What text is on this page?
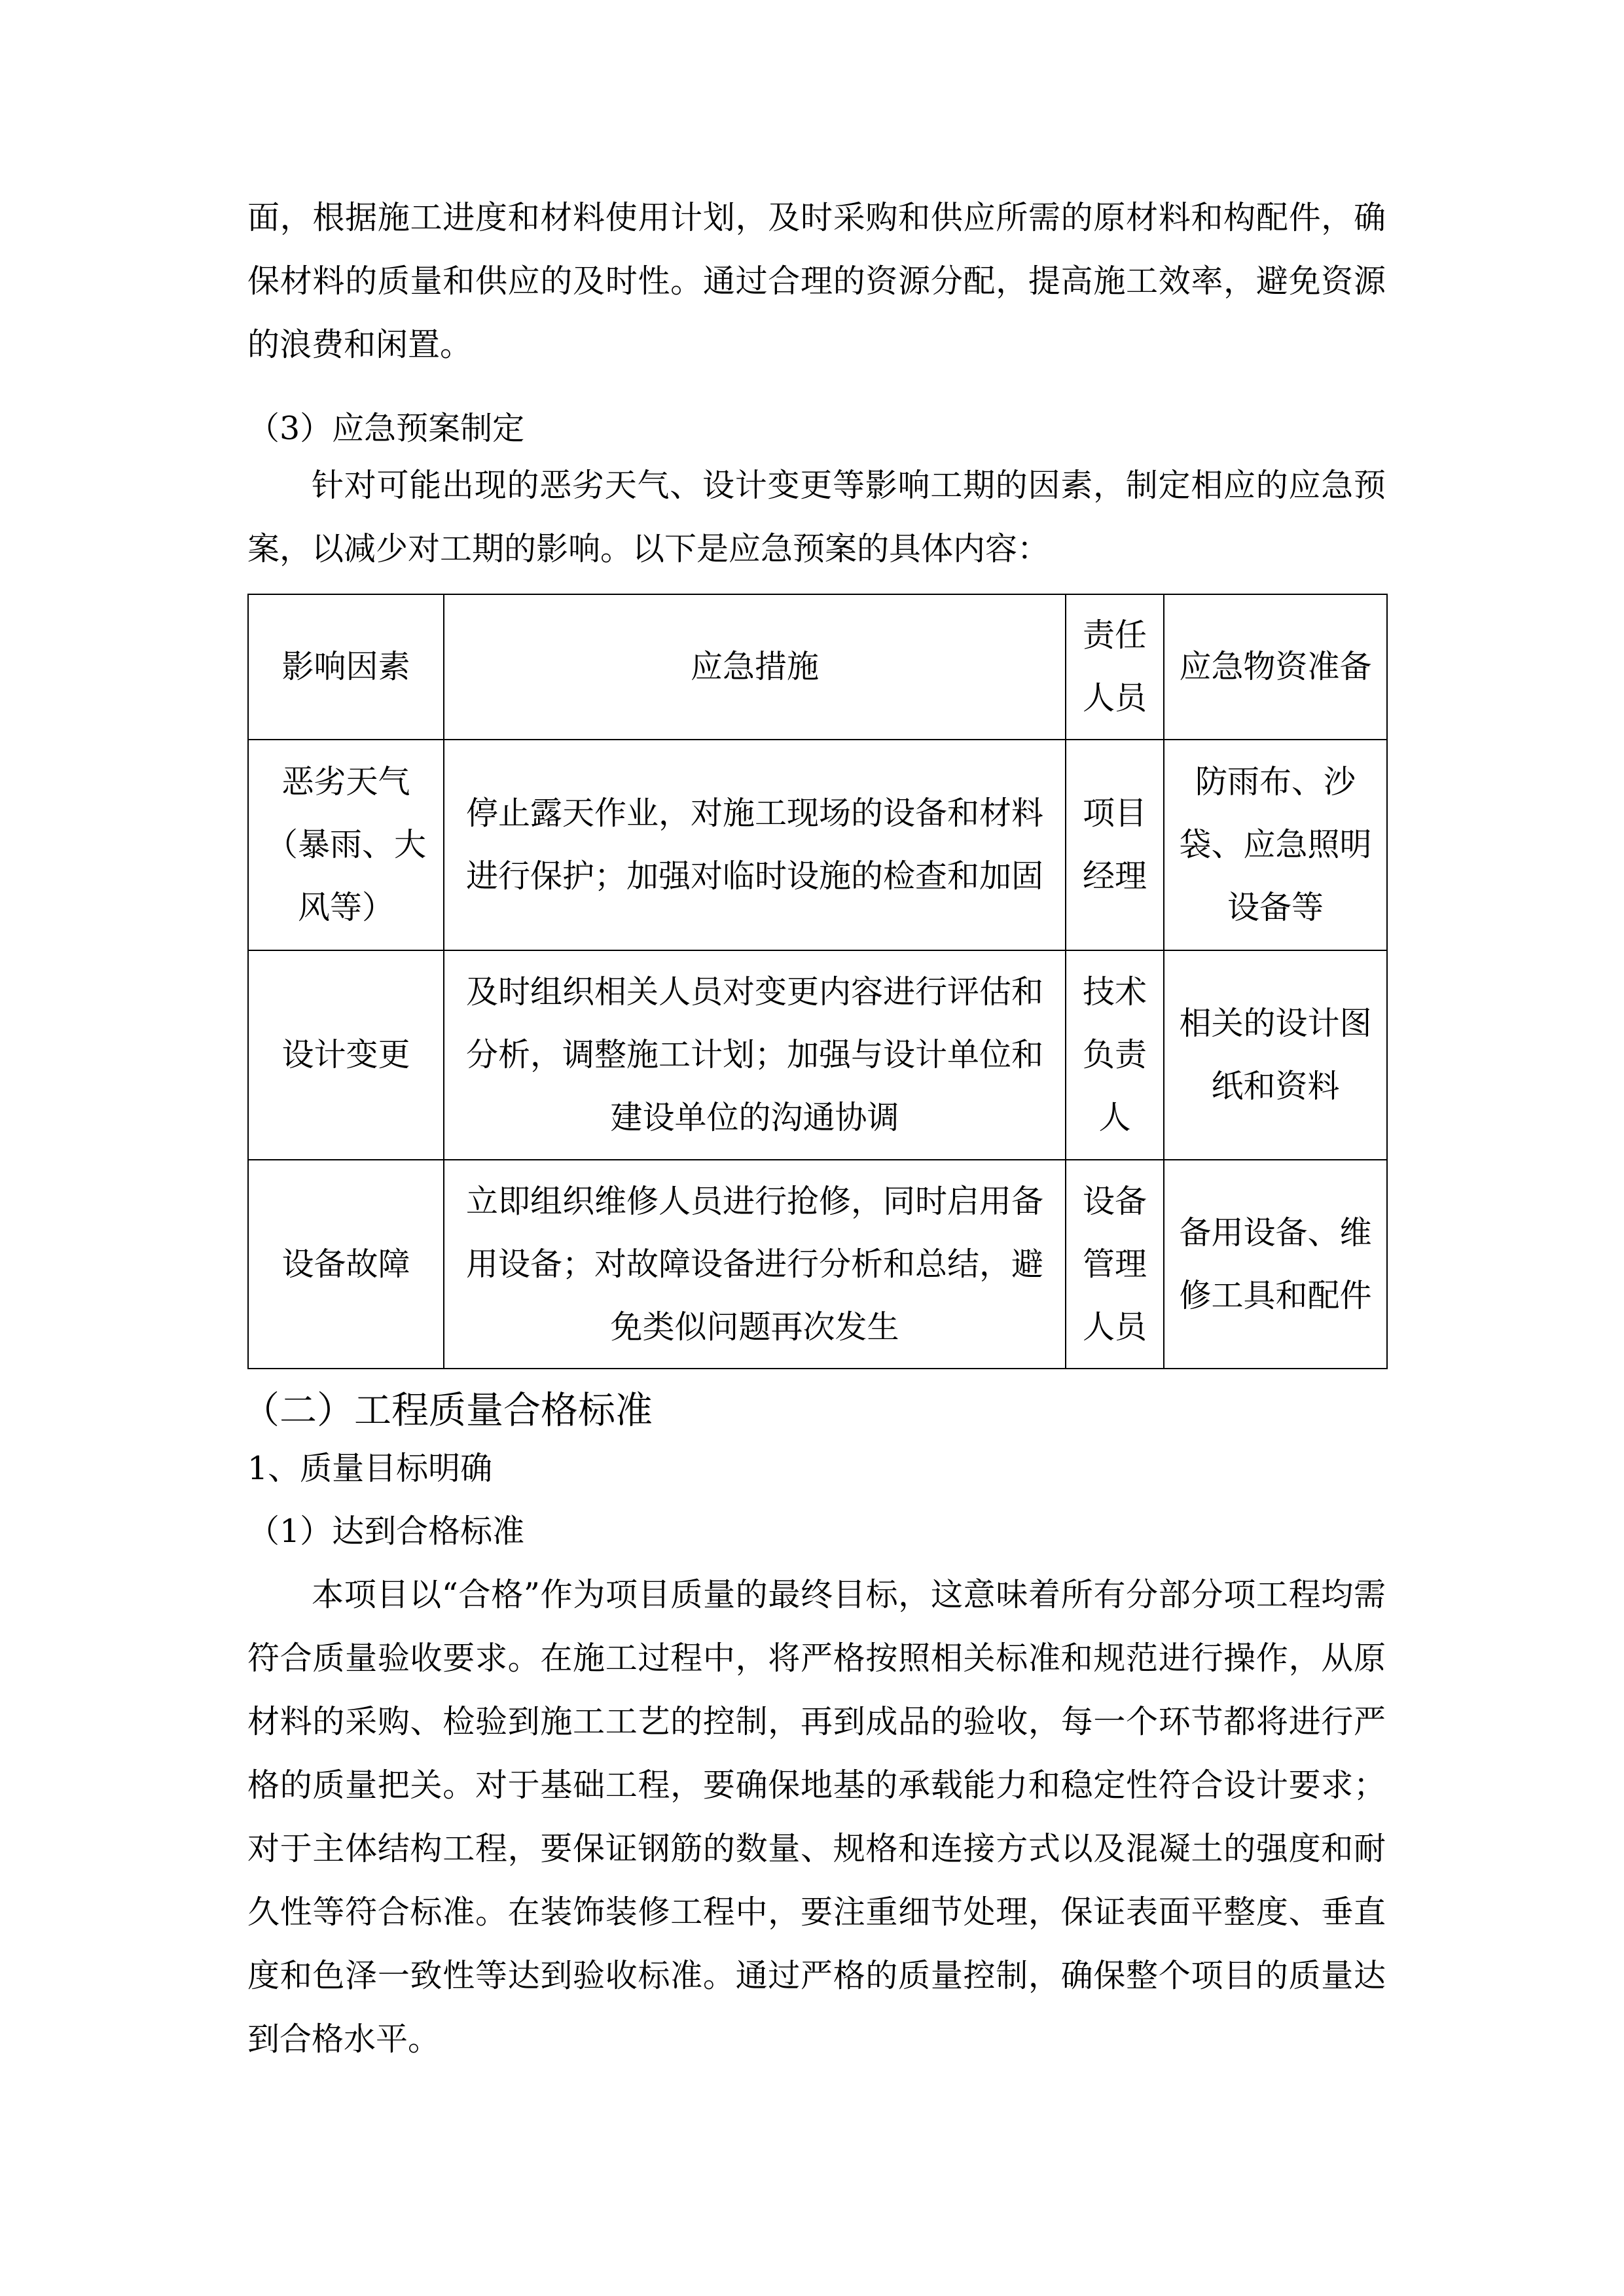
面，根据施工进度和材料使用计划，及时采购和供应所需的原材料和构配件，确保材料的质量和供应的及时性。通过合理的资源分配，提高施工效率，避免资源的浪费和闲置。

（3）应急预案制定

针对可能出现的恶劣天气、设计变更等影响工期的因素，制定相应的应急预案，以减少对工期的影响。以下是应急预案的具体内容：

影响因素	应急措施	责任人员	应急物资准备
恶劣天气（暴雨、大风等）	停止露天作业，对施工现场的设备和材料进行保护；加强对临时设施的检查和加固	项目经理	防雨布、沙袋、应急照明设备等
设计变更	及时组织相关人员对变更内容进行评估和分析，调整施工计划；加强与设计单位和建设单位的沟通协调	技术负责人	相关的设计图纸和资料
设备故障	立即组织维修人员进行抢修，同时启用备用设备；对故障设备进行分析和总结，避免类似问题再次发生	设备管理人员	备用设备、维修工具和配件

（二）工程质量合格标准

1、质量目标明确

（1）达到合格标准

本项目以“合格”作为项目质量的最终目标，这意味着所有分部分项工程均需符合质量验收要求。在施工过程中，将严格按照相关标准和规范进行操作，从原材料的采购、检验到施工工艺的控制，再到成品的验收，每一个环节都将进行严格的质量把关。对于基础工程，要确保地基的承载能力和稳定性符合设计要求；对于主体结构工程，要保证钢筋的数量、规格和连接方式以及混凝土的强度和耐久性等符合标准。在装饰装修工程中，要注重细节处理，保证表面平整度、垂直度和色泽一致性等达到验收标准。通过严格的质量控制，确保整个项目的质量达到合格水平。
